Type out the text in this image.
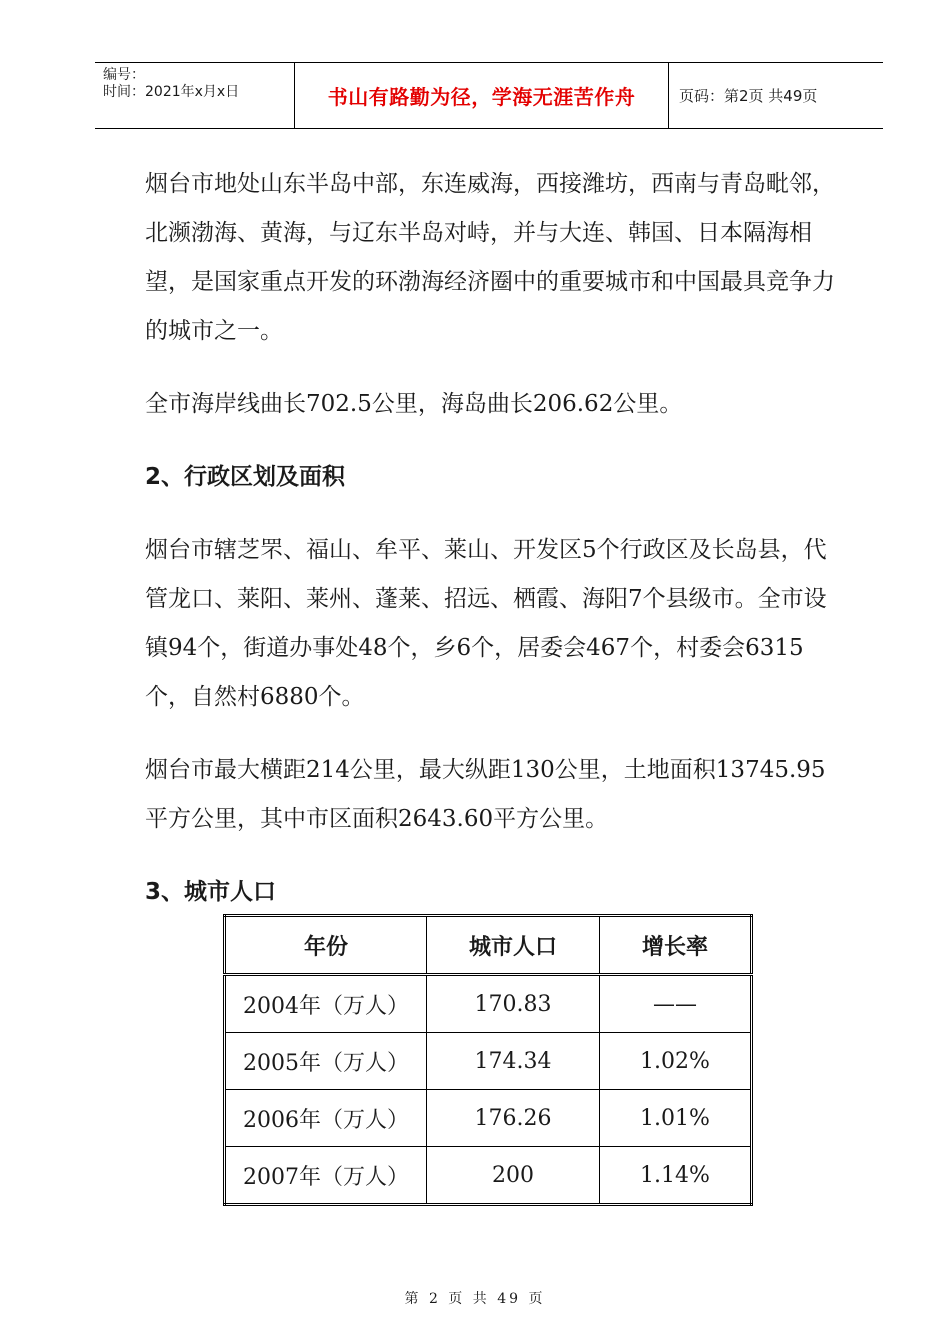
编号：
时间：2021年x月x日	书山有路勤为径，学海无涯苦作舟	页码：第2页 共49页

烟台市地处山东半岛中部，东连威海，西接潍坊，西南与青岛毗邻，北濒渤海、黄海，与辽东半岛对峙，并与大连、韩国、日本隔海相望，是国家重点开发的环渤海经济圈中的重要城市和中国最具竞争力的城市之一。

全市海岸线曲长702.5公里，海岛曲长206.62公里。

2、行政区划及面积

烟台市辖芝罘、福山、牟平、莱山、开发区5个行政区及长岛县，代管龙口、莱阳、莱州、蓬莱、招远、栖霞、海阳7个县级市。全市设镇94个，街道办事处48个，乡6个，居委会467个，村委会6315个，自然村6880个。

烟台市最大横距214公里，最大纵距130公里，土地面积13745.95平方公里，其中市区面积2643.60平方公里。

3、城市人口
年份	城市人口	增长率
2004年（万人）	170.83	——
2005年（万人）	174.34	1.02%
2006年（万人）	176.26	1.01%
2007年（万人）	200	1.14%
第 2 页 共 49 页
